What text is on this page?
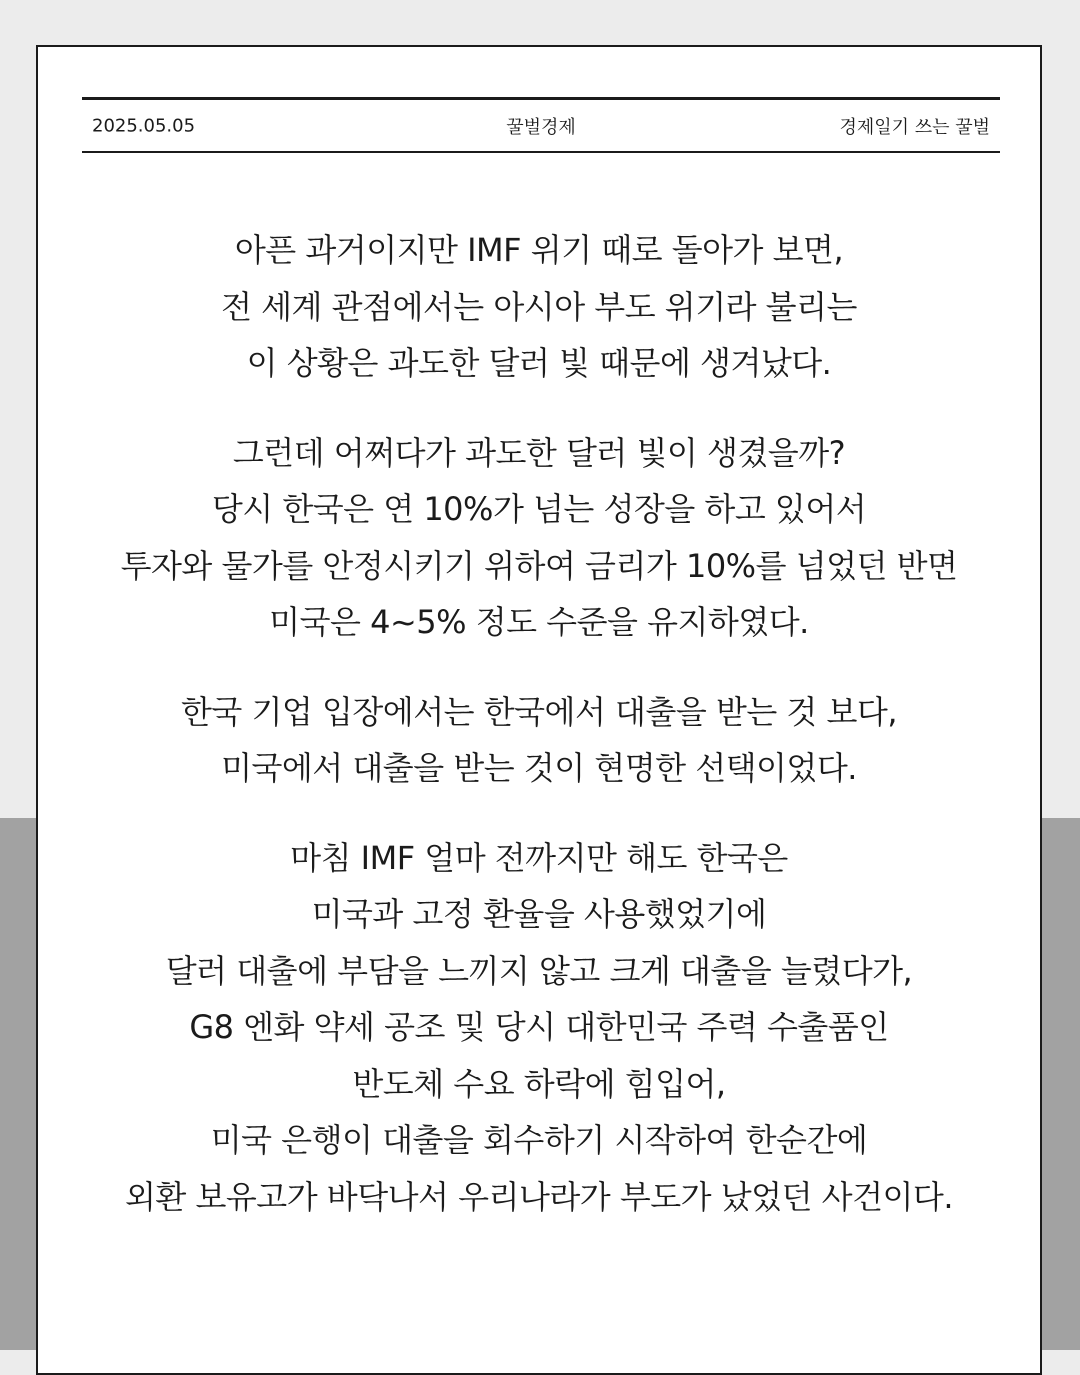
2025.05.05	꿀벌경제	경제일기 쓰는 꿀벌

아픈 과거이지만 IMF 위기 때로 돌아가 보면,
전 세계 관점에서는 아시아 부도 위기라 불리는
이 상황은 과도한 달러 빛 때문에 생겨났다.

그런데 어쩌다가 과도한 달러 빛이 생겼을까?
당시 한국은 연 10%가 넘는 성장을 하고 있어서
투자와 물가를 안정시키기 위하여 금리가 10%를 넘었던 반면
미국은 4~5% 정도 수준을 유지하였다.

한국 기업 입장에서는 한국에서 대출을 받는 것 보다,
미국에서 대출을 받는 것이 현명한 선택이었다.

마침 IMF 얼마 전까지만 해도 한국은
미국과 고정 환율을 사용했었기에
달러 대출에 부담을 느끼지 않고 크게 대출을 늘렸다가,
G8 엔화 약세 공조 및 당시 대한민국 주력 수출품인
반도체 수요 하락에 힘입어,
미국 은행이 대출을 회수하기 시작하여 한순간에
외환 보유고가 바닥나서 우리나라가 부도가 났었던 사건이다.
